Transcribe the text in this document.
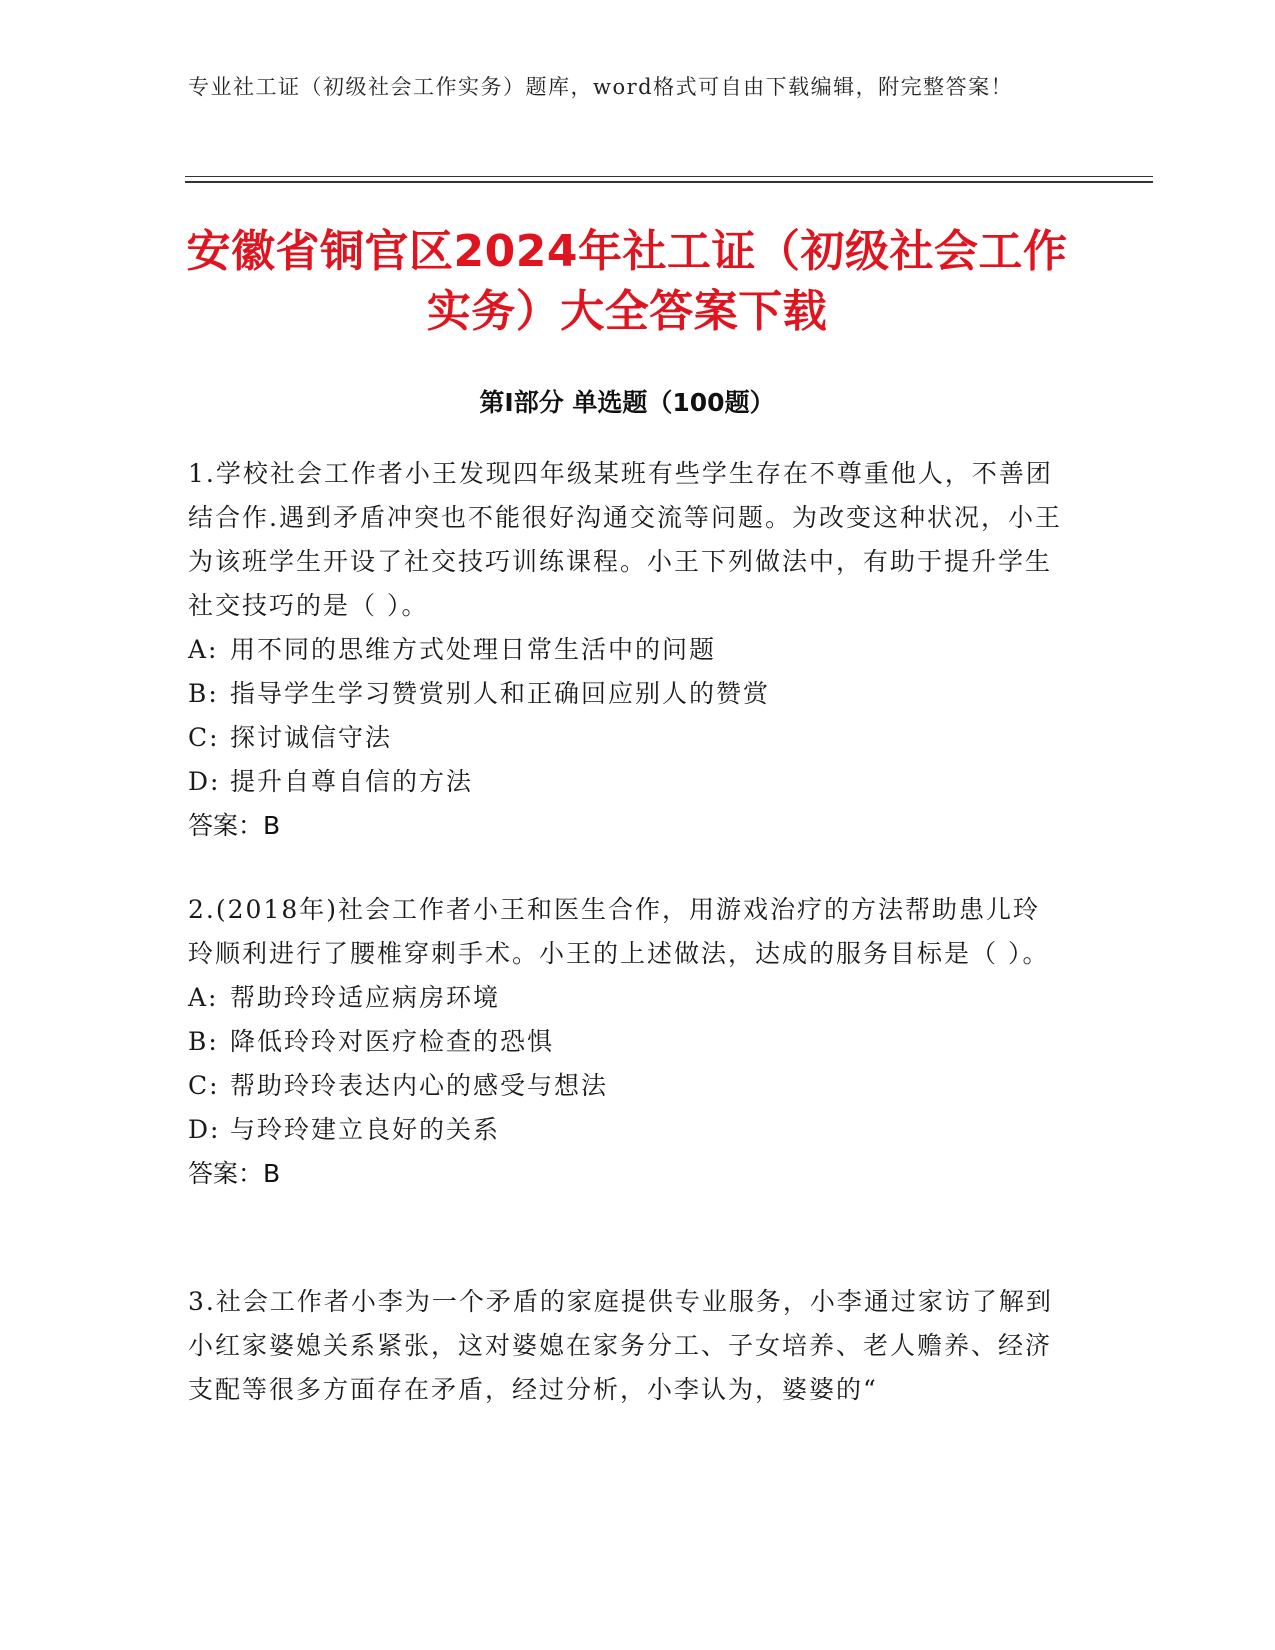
专业社工证（初级社会工作实务）题库，word格式可自由下载编辑，附完整答案！
安徽省铜官区2024年社工证（初级社会工作实务）大全答案下载
第I部分 单选题（100题）

1.学校社会工作者小王发现四年级某班有些学生存在不尊重他人，不善团结合作.遇到矛盾冲突也不能很好沟通交流等问题。为改变这种状况，小王为该班学生开设了社交技巧训练课程。小王下列做法中，有助于提升学生社交技巧的是（ ）。

A: 用不同的思维方式处理日常生活中的问题

B: 指导学生学习赞赏别人和正确回应别人的赞赏

C: 探讨诚信守法

D: 提升自尊自信的方法

答案：B

2.(2018年)社会工作者小王和医生合作，用游戏治疗的方法帮助患儿玲玲顺利进行了腰椎穿刺手术。小王的上述做法，达成的服务目标是（ ）。

A: 帮助玲玲适应病房环境

B: 降低玲玲对医疗检查的恐惧

C: 帮助玲玲表达内心的感受与想法

D: 与玲玲建立良好的关系

答案：B

3.社会工作者小李为一个矛盾的家庭提供专业服务，小李通过家访了解到小红家婆媳关系紧张，这对婆媳在家务分工、子女培养、老人赡养、经济支配等很多方面存在矛盾，经过分析，小李认为，婆婆的“
